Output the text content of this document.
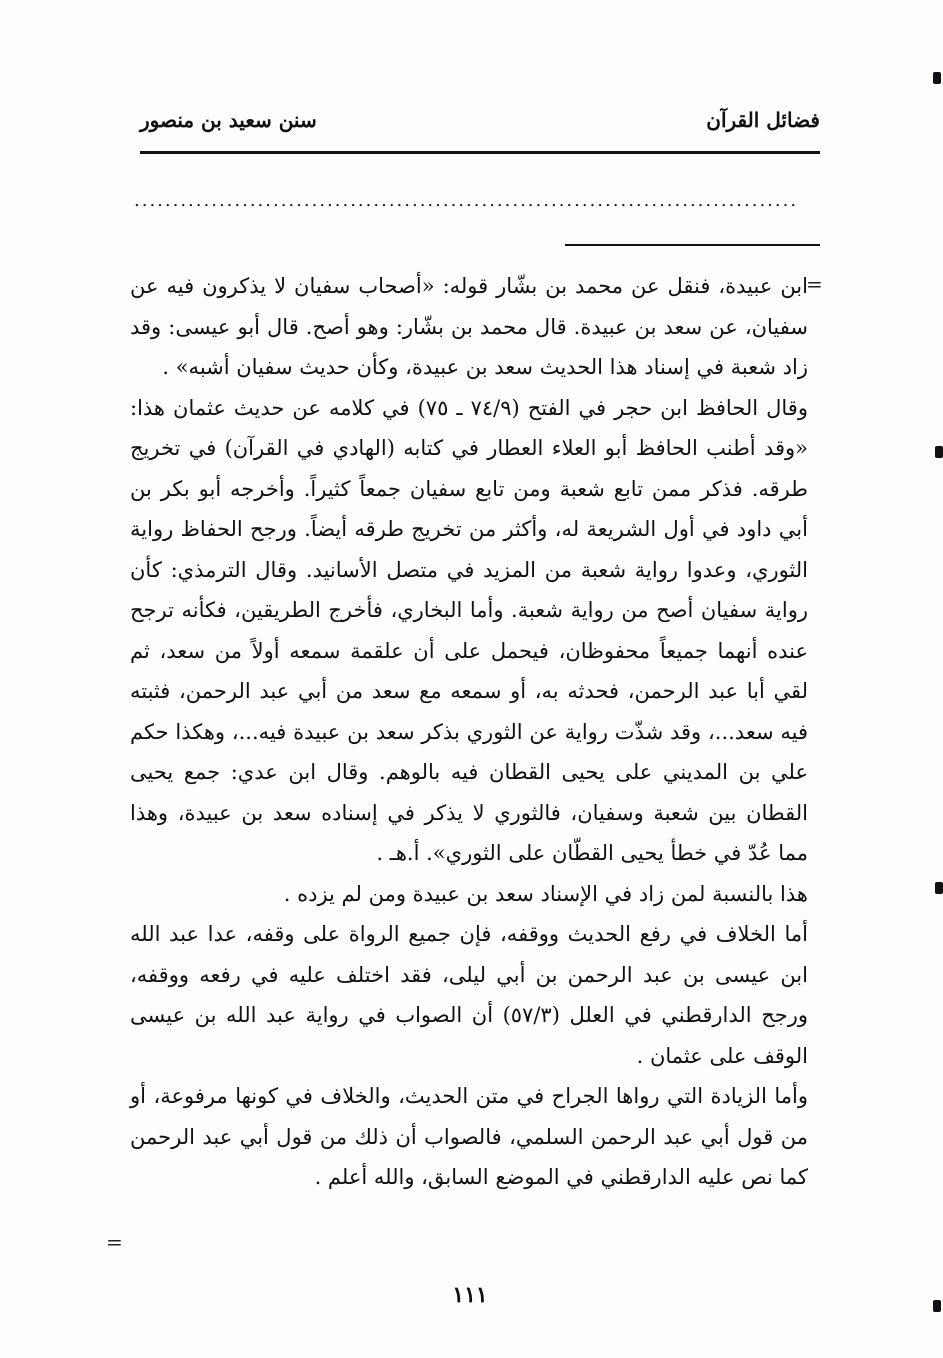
فضائل القرآن
سنن سعيد بن منصور
......................................................................................
=

ابن عبيدة، فنقل عن محمد بن بشّار قوله: «أصحاب سفيان لا يذكرون فيه عن سفيان، عن سعد بن عبيدة. قال محمد بن بشّار: وهو أصح. قال أبو عيسى: وقد زاد شعبة في إسناد هذا الحديث سعد بن عبيدة، وكأن حديث سفيان أشبه» .

وقال الحافظ ابن حجر في الفتح (٧٤/٩ ـ ٧٥) في كلامه عن حديث عثمان هذا: «وقد أطنب الحافظ أبو العلاء العطار في كتابه (الهادي في القرآن) في تخريج طرقه. فذكر ممن تابع شعبة ومن تابع سفيان جمعاً كثيراً. وأخرجه أبو بكر بن أبي داود في أول الشريعة له، وأكثر من تخريج طرقه أيضاً. ورجح الحفاظ رواية الثوري، وعدوا رواية شعبة من المزيد في متصل الأسانيد. وقال الترمذي: كأن رواية سفيان أصح من رواية شعبة. وأما البخاري، فأخرج الطريقين، فكأنه ترجح عنده أنهما جميعاً محفوظان، فيحمل على أن علقمة سمعه أولاً من سعد، ثم لقي أبا عبد الرحمن، فحدثه به، أو سمعه مع سعد من أبي عبد الرحمن، فثبته فيه سعد...، وقد شذّت رواية عن الثوري بذكر سعد بن عبيدة فيه...، وهكذا حكم علي بن المديني على يحيى القطان فيه بالوهم. وقال ابن عدي: جمع يحيى القطان بين شعبة وسفيان، فالثوري لا يذكر في إسناده سعد بن عبيدة، وهذا مما عُدّ في خطأ يحيى القطّان على الثوري». أ.هـ .

هذا بالنسبة لمن زاد في الإسناد سعد بن عبيدة ومن لم يزده .

أما الخلاف في رفع الحديث ووقفه، فإن جميع الرواة على وقفه، عدا عبد الله ابن عيسى بن عبد الرحمن بن أبي ليلى، فقد اختلف عليه في رفعه ووقفه، ورجح الدارقطني في العلل (٥٧/٣) أن الصواب في رواية عبد الله بن عيسى الوقف على عثمان .

وأما الزيادة التي رواها الجراح في متن الحديث، والخلاف في كونها مرفوعة، أو من قول أبي عبد الرحمن السلمي، فالصواب أن ذلك من قول أبي عبد الرحمن كما نص عليه الدارقطني في الموضع السابق، والله أعلم .

=
١١١
